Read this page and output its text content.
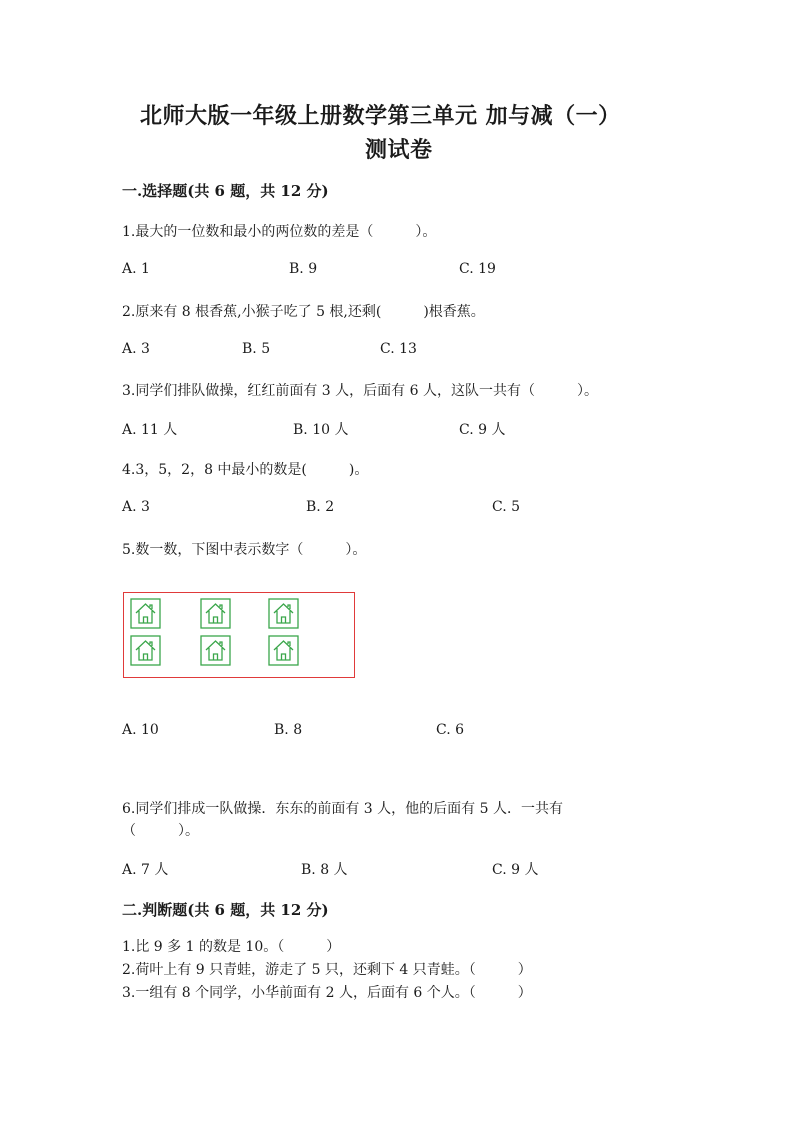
北师大版一年级上册数学第三单元 加与减（一）
测试卷
一.选择题(共 6 题，共 12 分)
1.最大的一位数和最小的两位数的差是（　　　）。
A. 1	B. 9	C. 19
2.原来有 8 根香蕉,小猴子吃了 5 根,还剩(　　　)根香蕉。
A. 3	B. 5	C. 13
3.同学们排队做操，红红前面有 3 人，后面有 6 人，这队一共有（　　　）。
A. 11 人	B. 10 人	C. 9 人
4.3，5，2，8 中最小的数是(　　　)。
A. 3	B. 2	C. 5
5.数一数，下图中表示数字（　　　）。
A. 10	B. 8	C. 6
6.同学们排成一队做操．东东的前面有 3 人，他的后面有 5 人．一共有
（　　　）。
A. 7 人	B. 8 人	C. 9 人
二.判断题(共 6 题，共 12 分)
1.比 9 多 1 的数是 10。（　　　）
2.荷叶上有 9 只青蛙，游走了 5 只，还剩下 4 只青蛙。（　　　）
3.一组有 8 个同学，小华前面有 2 人，后面有 6 个人。（　　　）
